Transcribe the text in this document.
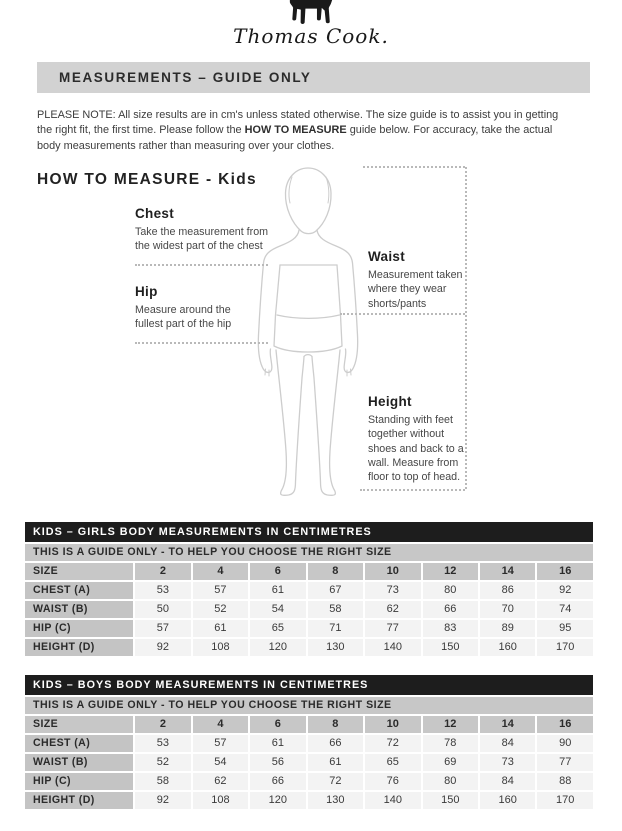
Thomas Cook.
MEASUREMENTS – GUIDE ONLY
PLEASE NOTE: All size results are in cm's unless stated otherwise. The size guide is to assist you in getting
the right fit, the first time. Please follow the HOW TO MEASURE guide below. For accuracy, take the actual
body measurements rather than measuring over your clothes.
HOW TO MEASURE - Kids
Chest
Take the measurement from the widest part of the chest
Hip
Measure around the fullest part of the hip
Waist
Measurement taken where they wear shorts/pants
Height
Standing with feet together without shoes and back to a wall. Measure from floor to top of head.
KIDS – GIRLS BODY MEASUREMENTS IN CENTIMETRES								
THIS IS A GUIDE ONLY - TO HELP YOU CHOOSE THE RIGHT SIZE								
SIZE	2	4	6	8	10	12	14	16
CHEST (A)	53	57	61	67	73	80	86	92
WAIST (B)	50	52	54	58	62	66	70	74
HIP (C)	57	61	65	71	77	83	89	95
HEIGHT (D)	92	108	120	130	140	150	160	170
KIDS – BOYS BODY MEASUREMENTS IN CENTIMETRES								
THIS IS A GUIDE ONLY - TO HELP YOU CHOOSE THE RIGHT SIZE								
SIZE	2	4	6	8	10	12	14	16
CHEST (A)	53	57	61	66	72	78	84	90
WAIST (B)	52	54	56	61	65	69	73	77
HIP (C)	58	62	66	72	76	80	84	88
HEIGHT (D)	92	108	120	130	140	150	160	170
